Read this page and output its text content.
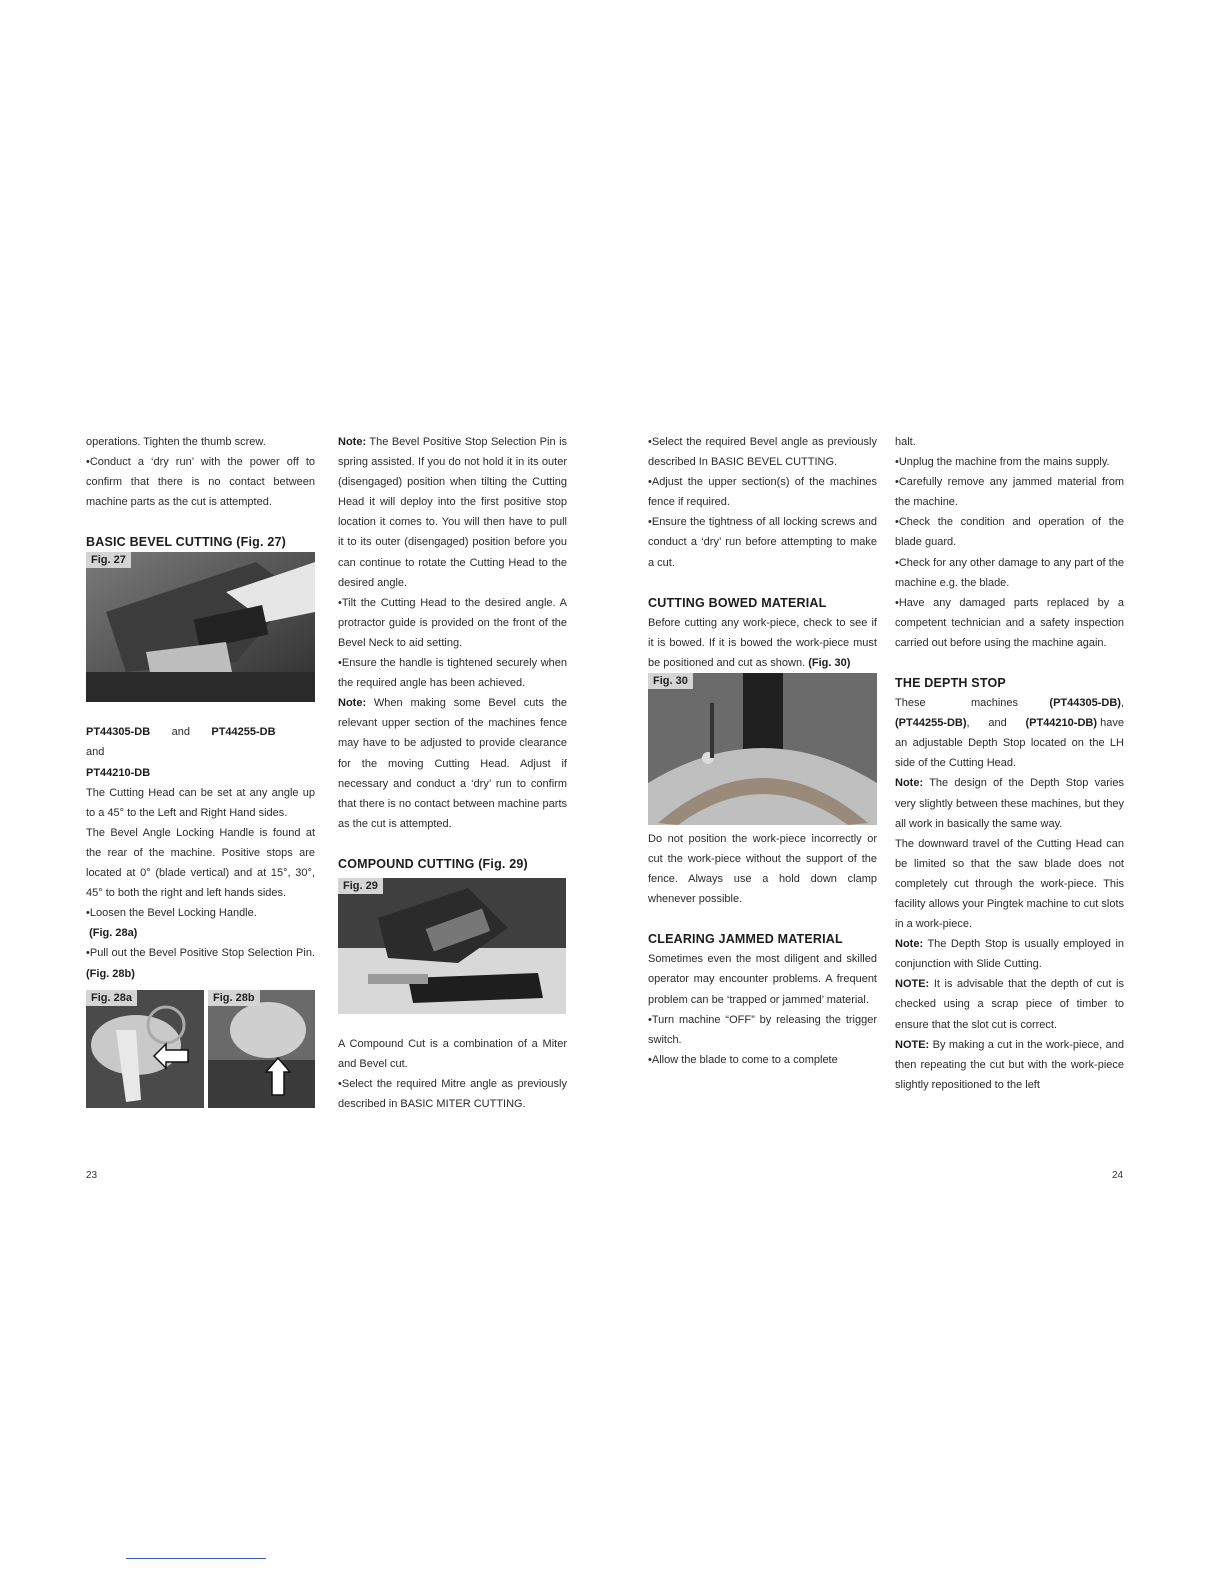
operations. Tighten the thumb screw.

•Conduct a ‘dry run’ with the power off to confirm that there is no contact between machine parts as the cut is attempted.

BASIC BEVEL CUTTING (Fig. 27)
Fig. 27

PT44305-DB and PT44255-DB       and

PT44210-DB

The Cutting Head can be set at any angle up to a 45° to the Left and Right Hand sides.

The Bevel Angle Locking Handle is found at the rear of the machine. Positive stops are located at 0° (blade vertical) and at 15°, 30°, 45° to both the right and left hands sides.

•Loosen the Bevel Locking Handle.

(Fig. 28a)

•Pull out the Bevel Positive Stop Selection Pin. (Fig. 28b)

Fig. 28a	Fig. 28b

Note: The Bevel Positive Stop Selection Pin is spring assisted. If you do not hold it in its outer (disengaged) position when tilting the Cutting Head it will deploy into the first positive stop location it comes to. You will then have to pull it to its outer (disengaged) position before you can continue to rotate the Cutting Head to the desired angle.

•Tilt the Cutting Head to the desired angle. A protractor guide is provided on the front of the Bevel Neck to aid setting.

•Ensure the handle is tightened securely when the required angle has been achieved.

Note: When making some Bevel cuts the relevant upper section of the machines fence may have to be adjusted to provide clearance for the moving Cutting Head. Adjust if necessary and conduct a ‘dry’ run to confirm that there is no contact between machine parts as the cut is attempted.

COMPOUND CUTTING (Fig. 29)
Fig. 29

A Compound Cut is a combination of a Miter and Bevel cut.

•Select the required Mitre angle as previously described in BASIC MITER CUTTING.

•Select the required Bevel angle as previously described In BASIC BEVEL CUTTING.

•Adjust the upper section(s) of the machines fence if required.

•Ensure the tightness of all locking screws and conduct a ‘dry’ run before attempting to make a cut.

CUTTING BOWED MATERIAL

Before cutting any work-piece, check to see if it is bowed. If it is bowed the work-piece must be positioned and cut as shown. (Fig. 30)

Fig. 30

Do not position the work-piece incorrectly or cut the work-piece without the support of the fence. Always use a hold down clamp whenever possible.

CLEARING JAMMED MATERIAL

Sometimes even the most diligent and skilled operator may encounter problems. A frequent problem can be ‘trapped or jammed’ material.

•Turn machine “OFF” by releasing the trigger switch.

•Allow the blade to come to a complete

halt.

•Unplug the machine from the mains supply.

•Carefully remove any jammed material from the machine.

•Check the condition and operation of the blade guard.

•Check for any other damage to any part of the machine e.g. the blade.

•Have any damaged parts replaced by a competent technician and a safety inspection carried out before using the machine again.

THE DEPTH STOP

These machines	(PT44305-DB), (PT44255-DB),      and (PT44210-DB) have an adjustable Depth Stop located on the LH side of the Cutting Head.

Note: The design of the Depth Stop varies very slightly between these machines, but they all work in basically the same way.

The downward travel of the Cutting Head can be limited so that the saw blade does not completely cut through the work-piece. This facility allows your Pingtek machine to cut slots in a work-piece.

Note: The Depth Stop is usually employed in conjunction with Slide Cutting.

NOTE: It is advisable that the depth of cut is checked using a scrap piece of timber to ensure that the slot cut is correct.

NOTE: By making a cut in the work-piece, and then repeating the cut but with the work-piece slightly repositioned to the left

23	24
